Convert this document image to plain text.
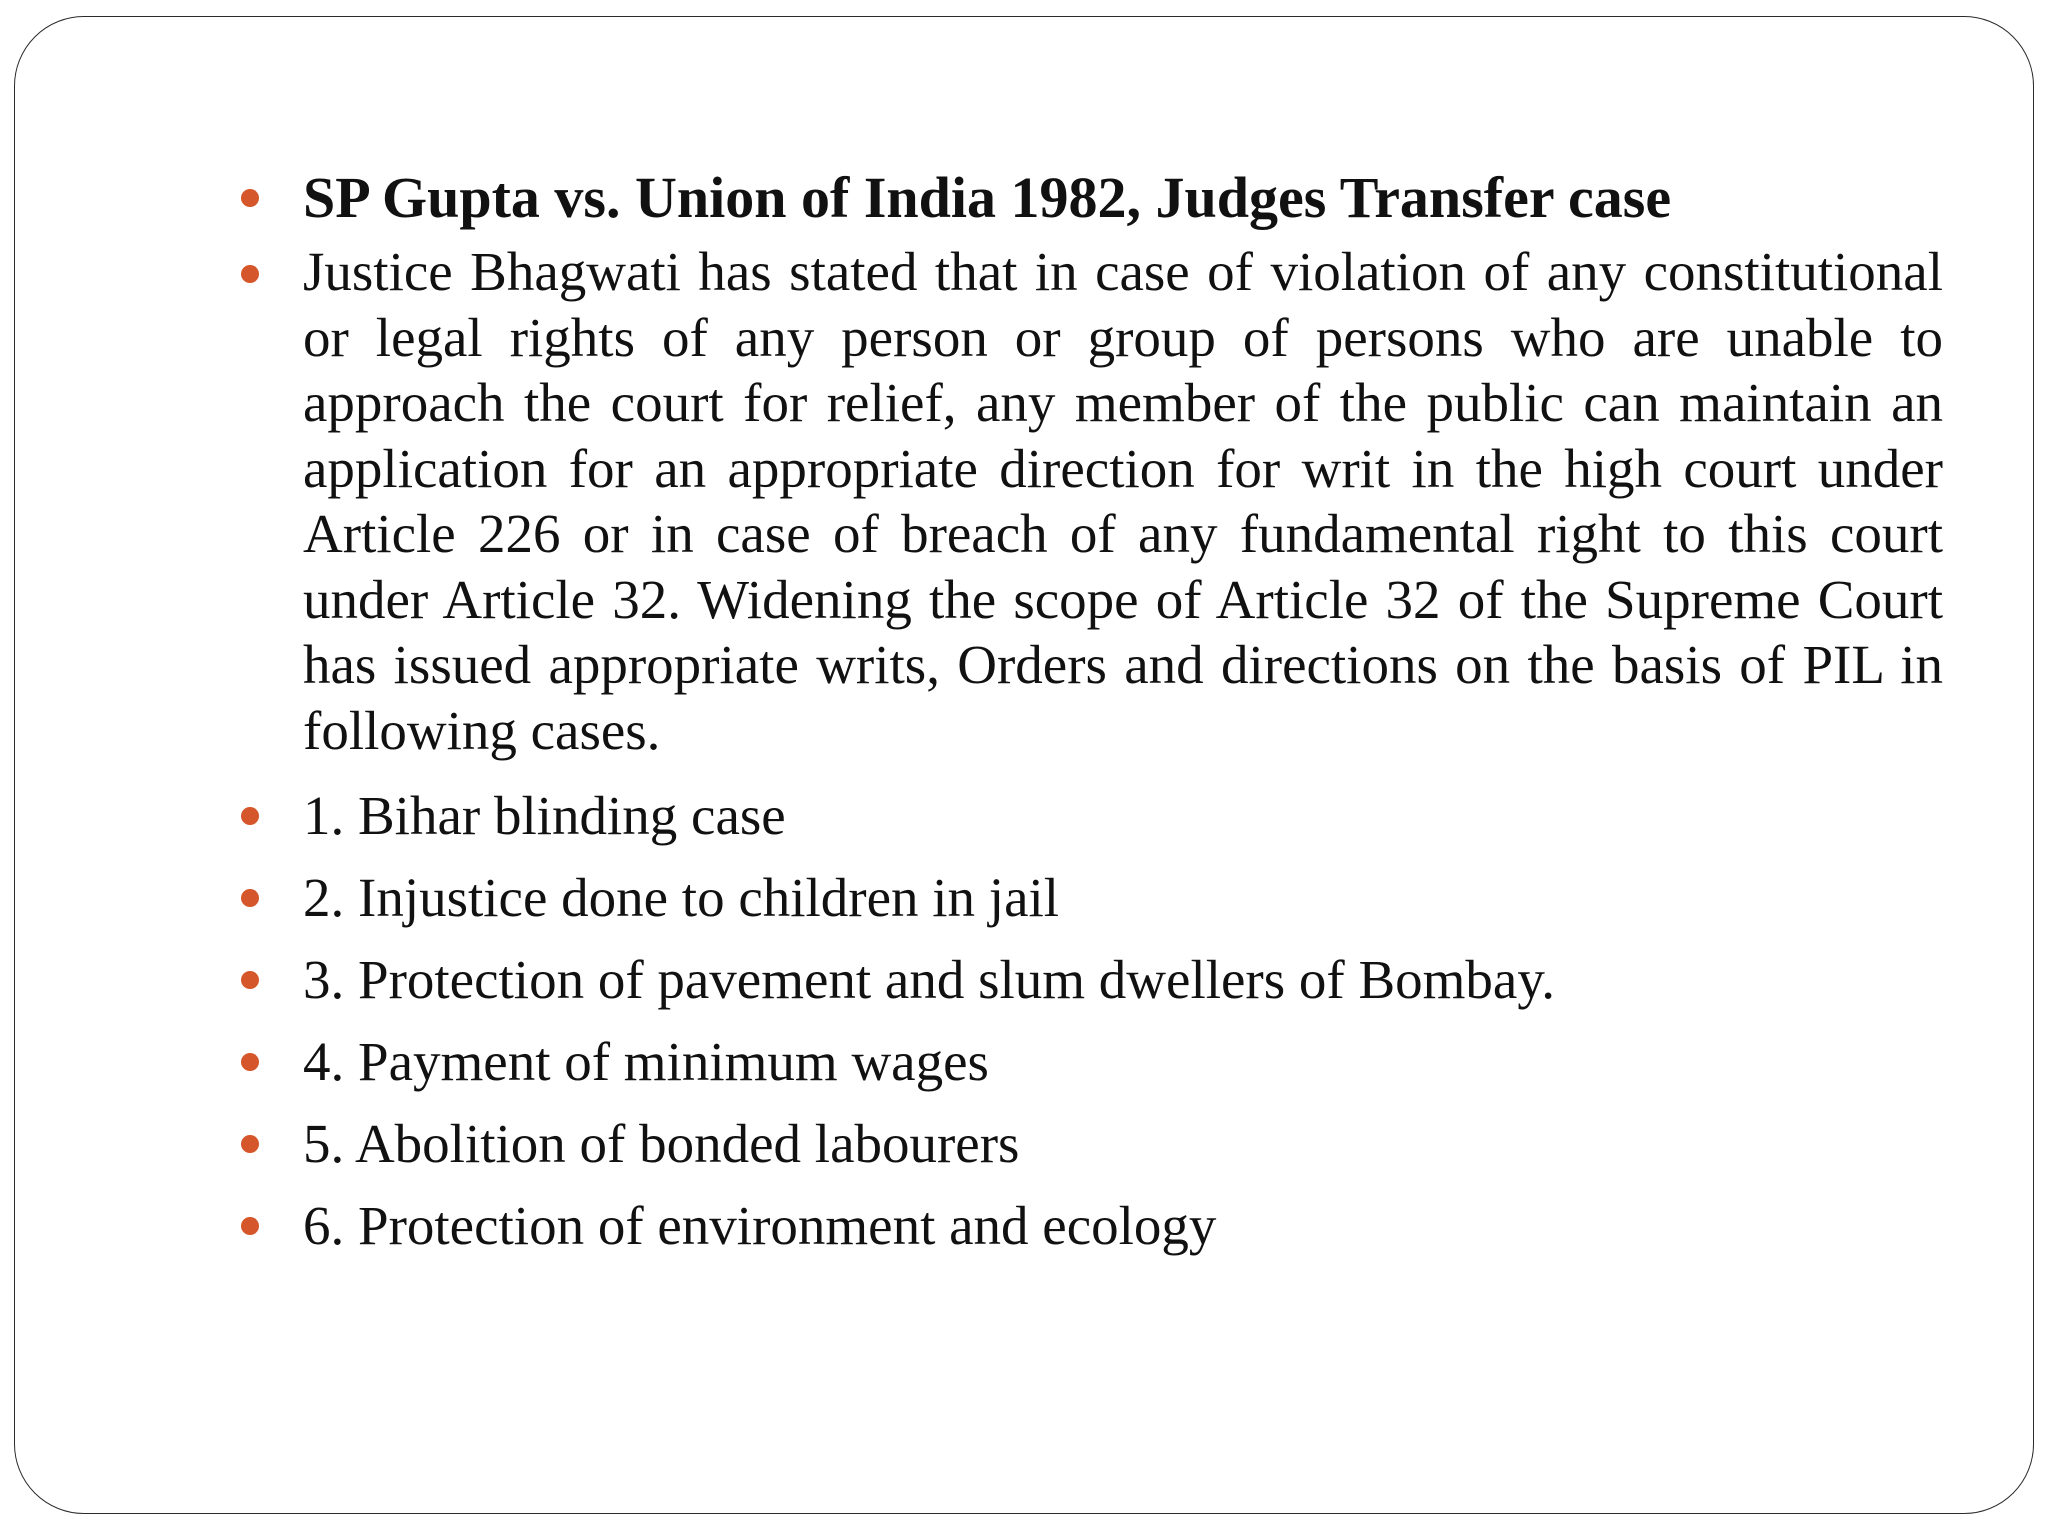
SP Gupta vs. Union of India 1982, Judges Transfer case
Justice Bhagwati has stated that in case of violation of any constitutional or legal rights of any person or group of persons who are unable to approach the court for relief, any member of the public can maintain an application for an appropriate direction for writ in the high court under Article 226 or in case of breach of any fundamental right to this court under Article 32. Widening the scope of Article 32 of the Supreme Court has issued appropriate writs, Orders and directions on the basis of PIL in following cases.
1. Bihar blinding case
2. Injustice done to children in jail
3. Protection of pavement and slum dwellers of Bombay.
4. Payment of minimum wages
5. Abolition of bonded labourers
6. Protection of environment and ecology
